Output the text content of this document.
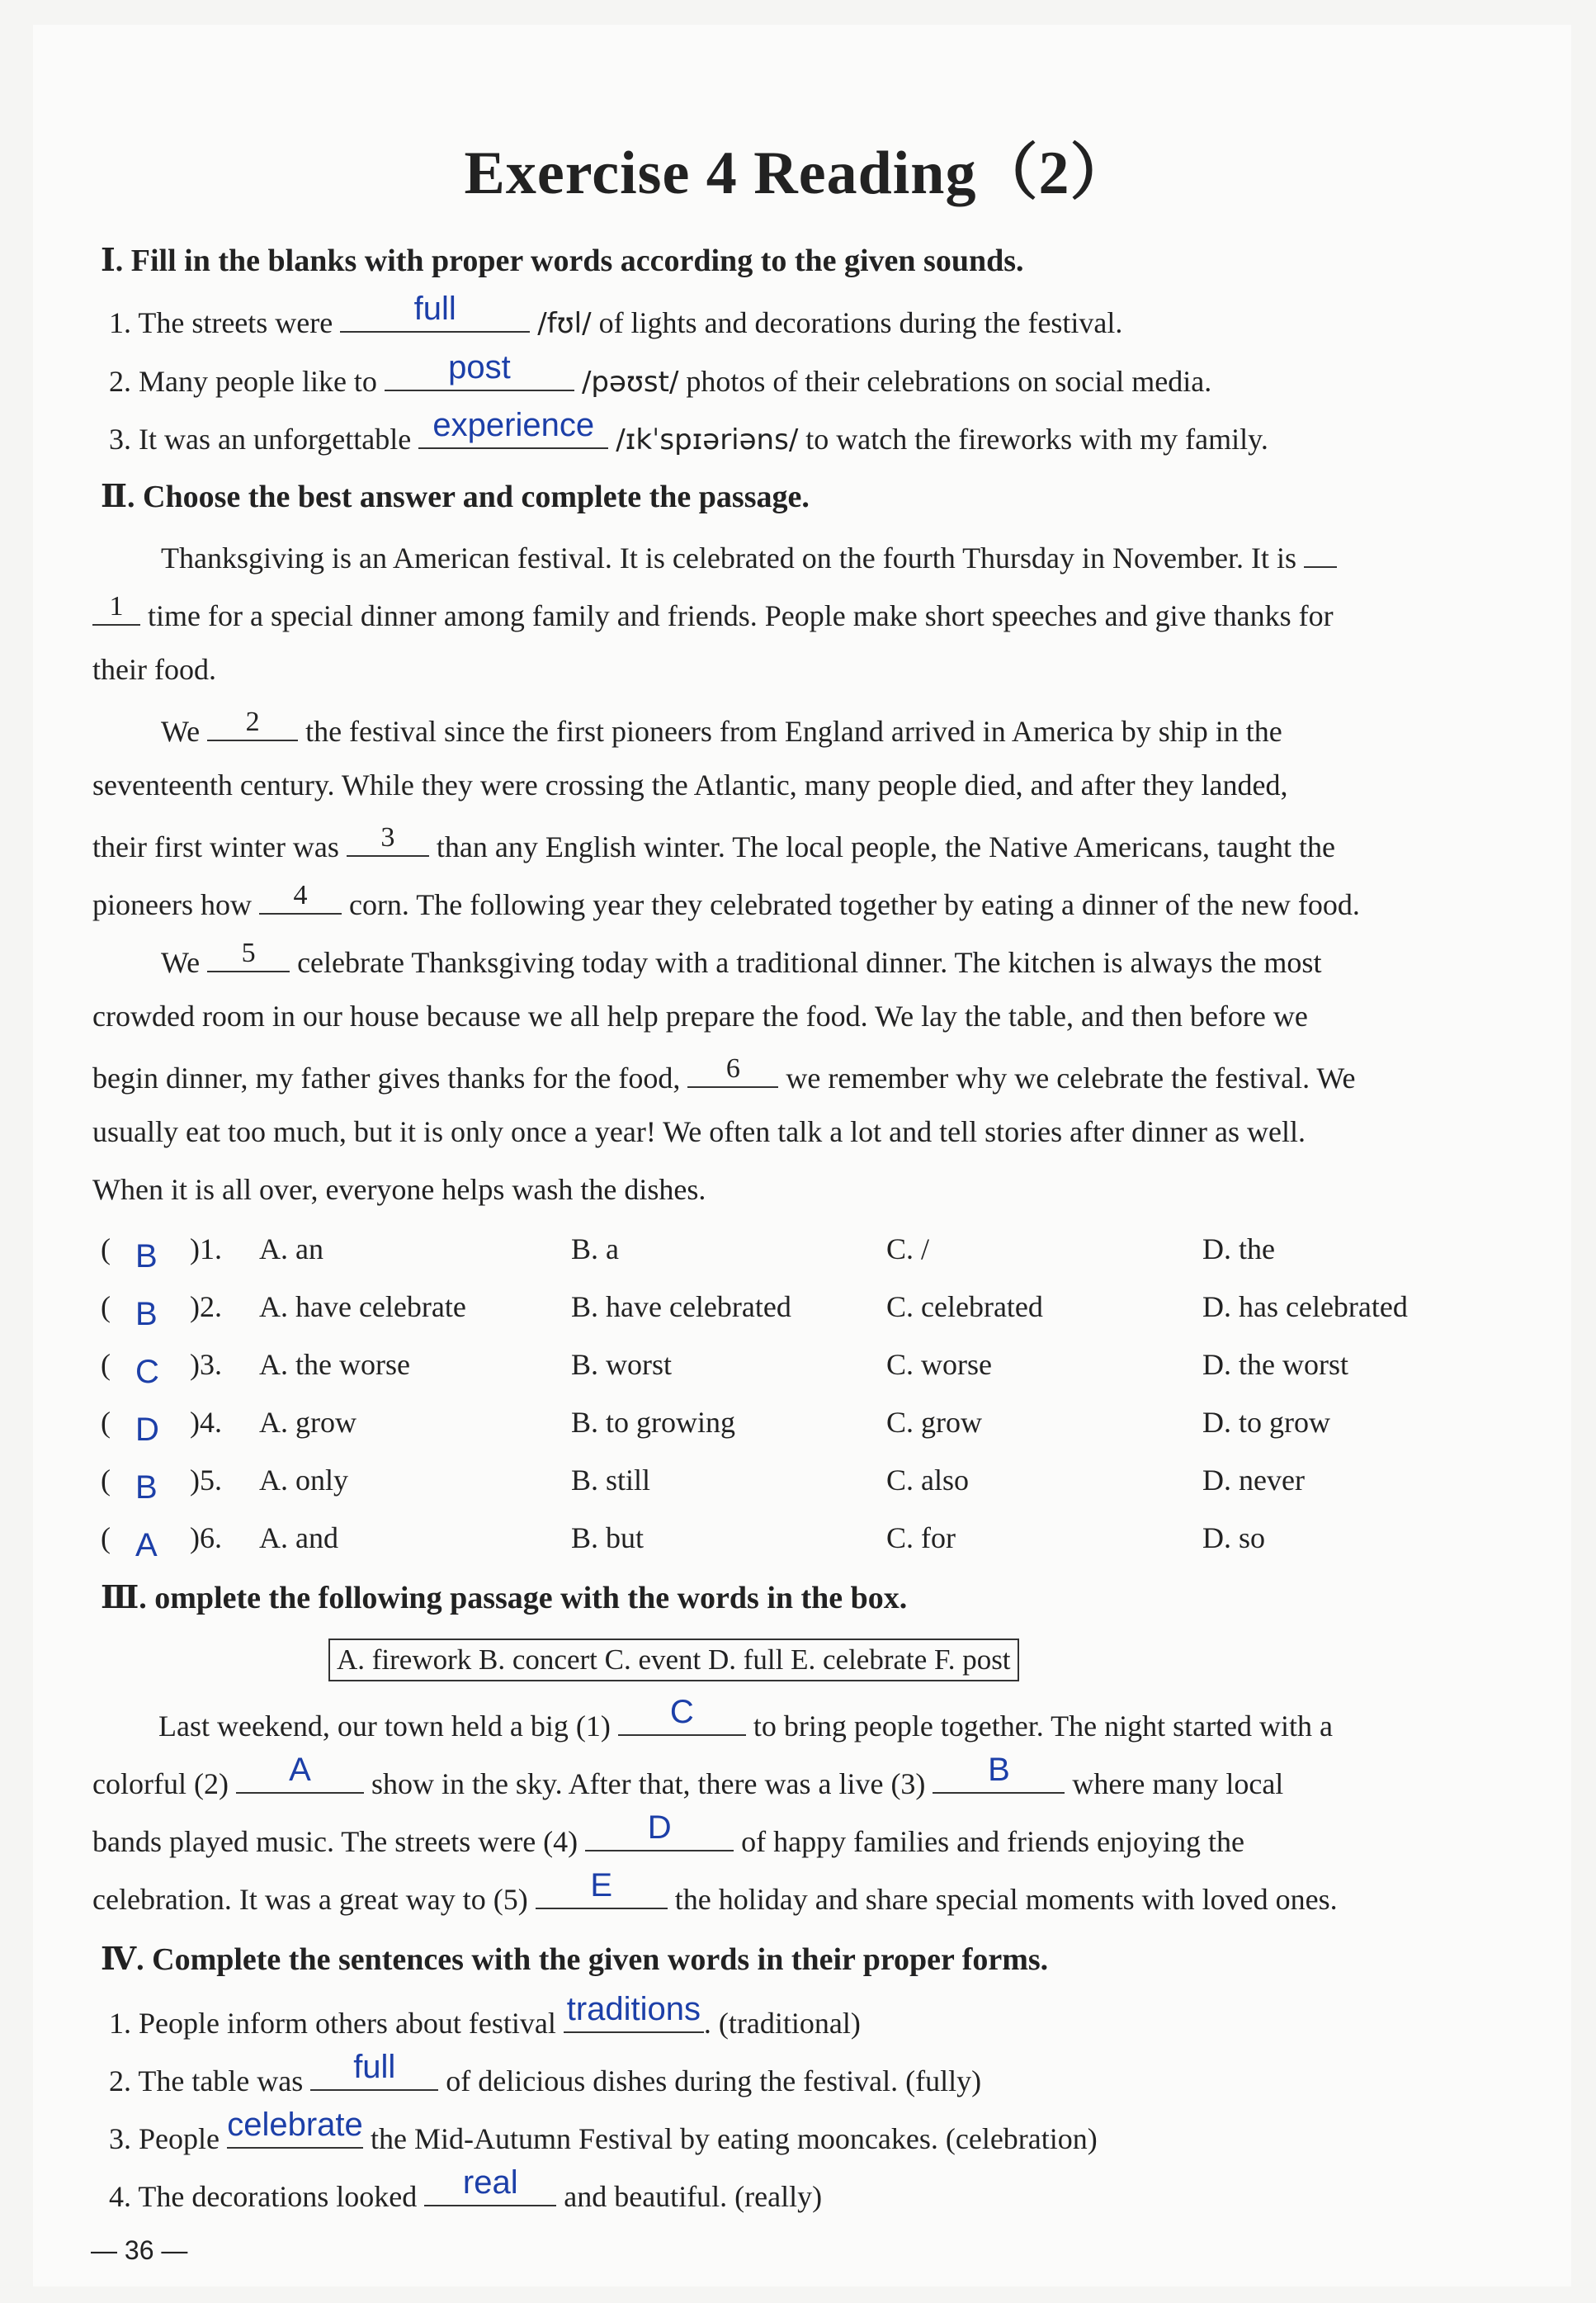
Exercise 4 Reading（2）
Ⅰ. Fill in the blanks with proper words according to the given sounds.
1. The streets were	full	/fʊl/ of lights and decorations during the festival.
2. Many people like to	post	/pəʊst/ photos of their celebrations on social media.
3. It was an unforgettable experience /ɪkˈspɪəriəns/ to watch the fireworks with my family.
Ⅱ. Choose the best answer and complete the passage.
Thanksgiving is an American festival. It is celebrated on the fourth Thursday in November. It is
1 time for a special dinner among family and friends. People make short speeches and give thanks for
their food.
We	2	the festival since the first pioneers from England arrived in America by ship in the
seventeenth century. While they were crossing the Atlantic, many people died, and after they landed,
their first winter was	3	than any English winter. The local people, the Native Americans, taught the
pioneers how	4	corn. The following year they celebrated together by eating a dinner of the new food.
We	5	celebrate Thanksgiving today with a traditional dinner. The kitchen is always the most
crowded room in our house because we all help prepare the food. We lay the table, and then before we
begin dinner, my father gives thanks for the food,	6	we remember why we celebrate the festival. We
usually eat too much, but it is only once a year! We often talk a lot and tell stories after dinner as well.
When it is all over, everyone helps wash the dishes.
( B )1. A. an	B. a	C. /	D. the
( B )2. A. have celebrate	B. have celebrated	C. celebrated	D. has celebrated
( C )3. A. the worse	B. worst	C. worse	D. the worst
( D )4. A. grow	B. to growing	C. grow	D. to grow
( B )5. A. only	B. still	C. also	D. never
( A )6. A. and	B. but	C. for	D. so
Ⅲ. omplete the following passage with the words in the box.
A. firework B. concert C. event D. full E. celebrate F. post
Last weekend, our town held a big (1)	C	to bring people together. The night started with a
colorful (2)	A	show in the sky. After that, there was a live (3)	B	where many local
bands played music. The streets were (4)	D	of happy families and friends enjoying the
celebration. It was a great way to (5)	E	the holiday and share special moments with loved ones.
Ⅳ. Complete the sentences with the given words in their proper forms.
1. People inform others about festival traditions . (traditional)
2. The table was	full	of delicious dishes during the festival. (fully)
3. People celebrate the Mid-Autumn Festival by eating mooncakes. (celebration)
4. The decorations looked	real	and beautiful. (really)
— 36 —
